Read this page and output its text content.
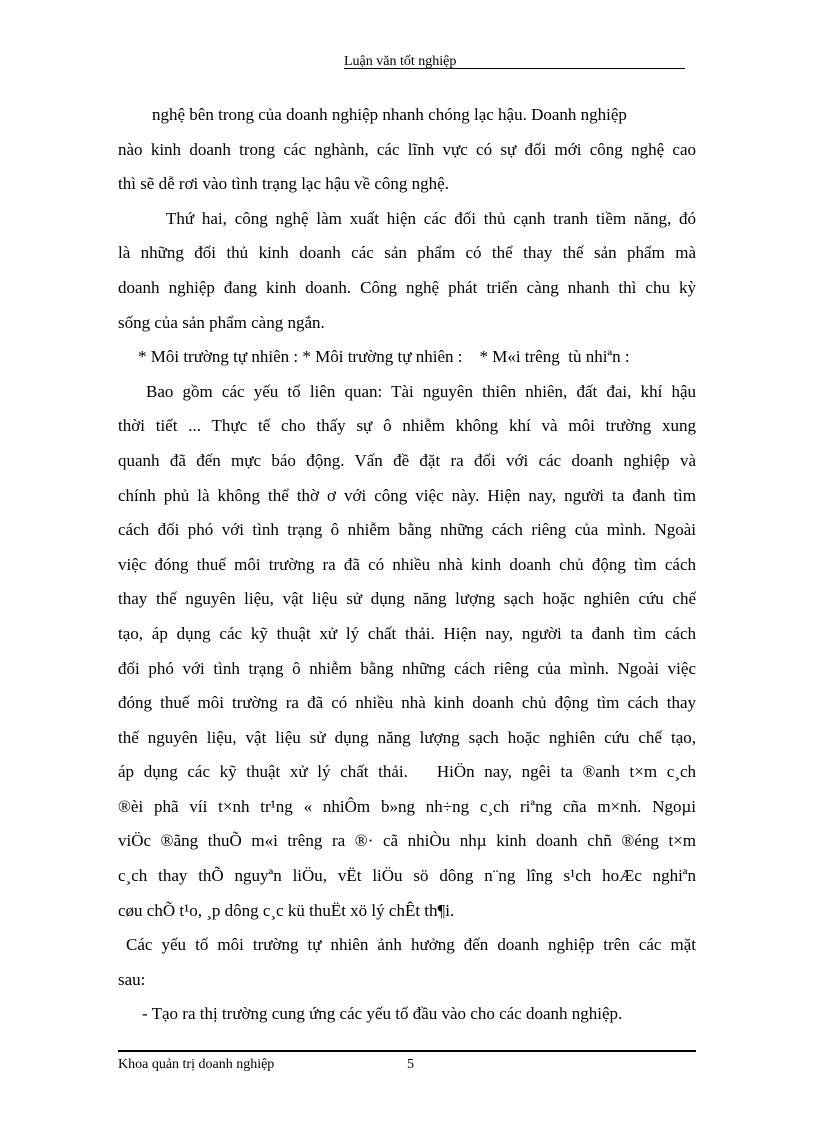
Luận văn tốt nghiệp
nghệ bên trong của doanh nghiệp nhanh chóng lạc hậu. Doanh nghiệp
nào kinh doanh trong các nghành, các lĩnh vực có sự đổi mới công nghệ cao
thì sẽ dễ rơi vào tình trạng lạc hậu về công nghệ.
Thứ hai, công nghệ làm xuất hiện các đối thủ cạnh tranh tiềm năng, đó
là những đối thủ kinh doanh các sản phẩm có thể thay thế sản phẩm mà
doanh nghiệp đang kinh doanh. Công nghệ phát triển càng nhanh thì chu kỳ
sống của sản phẩm càng ngắn.
* Môi trường tự nhiên : * Môi trường tự nhiên :    * M«i trêng  tù nhiªn :
Bao gồm các yếu tố liên quan: Tài nguyên thiên nhiên, đất đai, khí hậu
thời tiết ... Thực tế cho thấy sự ô nhiễm không khí và môi trường xung
quanh đã đến mực báo động. Vấn đề đặt ra đối với các doanh nghiệp và
chính phủ là không thể thờ ơ với công việc này. Hiện nay, người ta đanh tìm
cách đối phó với tình trạng ô nhiễm bằng những cách riêng của mình. Ngoài
việc đóng thuế môi trường ra đã có nhiều nhà kinh doanh chủ động tìm cách
thay thế nguyên liệu, vật liệu sử dụng năng lượng sạch hoặc nghiên cứu chế
tạo, áp dụng các kỹ thuật xử lý chất thải. Hiện nay, người ta đanh tìm cách
đối phó với tình trạng ô nhiễm bằng những cách riêng của mình. Ngoài việc
đóng thuế môi trường ra đã có nhiều nhà kinh doanh chủ động tìm cách thay
thế nguyên liệu, vật liệu sử dụng năng lượng sạch hoặc nghiên cứu chế tạo,
áp dụng các kỹ thuật xử lý chất thải.   HiÖn nay, ngêi ta ®anh t×m c¸ch
®èi phã víi t×nh tr¹ng « nhiÔm b»ng nh÷ng c¸ch riªng cña m×nh. Ngoµi
viÖc ®ãng thuÕ m«i trêng ra ®· cã nhiÒu nhµ kinh doanh chñ ®éng t×m
c¸ch thay thÕ nguyªn liÖu, vËt liÖu sö dông n¨ng lîng s¹ch hoÆc nghiªn
cøu chÕ t¹o, ¸p dông c¸c kü thuËt xö lý chÊt th¶i.
Các yếu tố môi trường tự nhiên ảnh hưởng đến doanh nghiệp trên các mặt
sau:
- Tạo ra thị trường cung ứng các yếu tố đầu vào cho các doanh nghiệp.
Khoa quản trị doanh nghiệp	5
